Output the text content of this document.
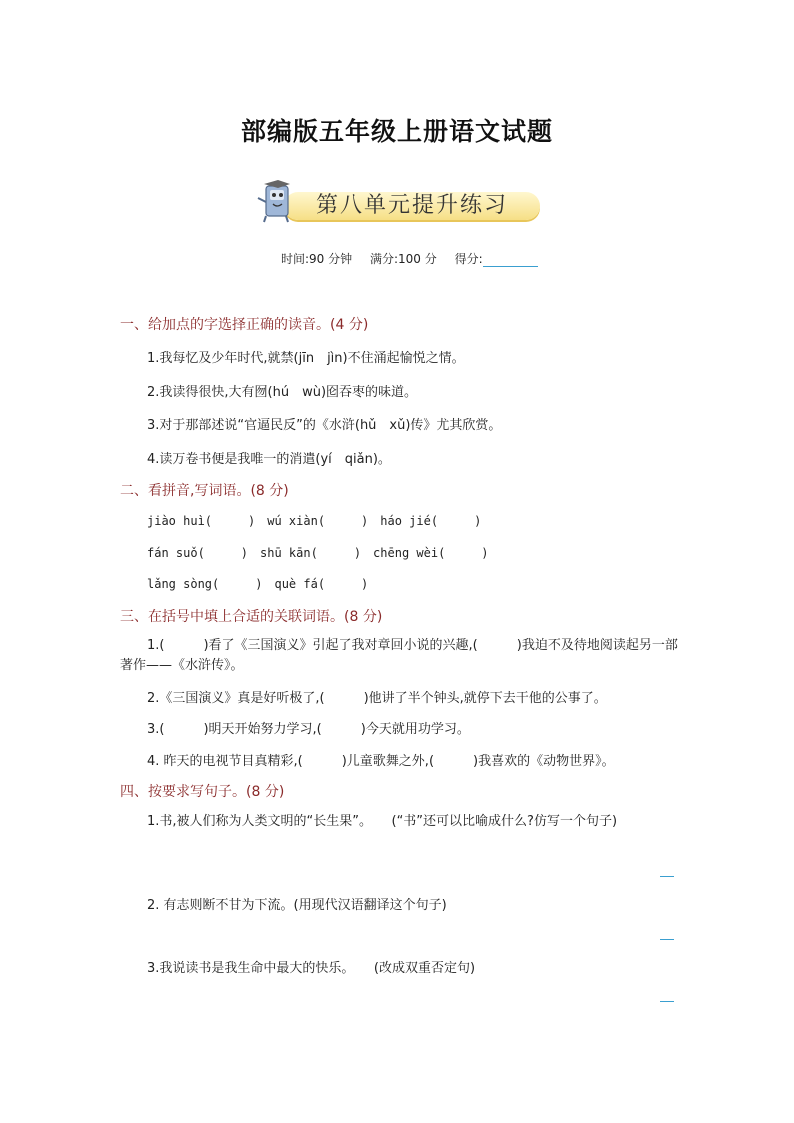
部编版五年级上册语文试题
第八单元提升练习
时间:90 分钟 满分:100 分 得分:
一、给加点的字选择正确的读音。(4 分)
1.我每忆及少年时代,就禁(jīn　jìn)不住涌起愉悦之情。
2.我读得很快,大有囫(hú　wù)囵吞枣的味道。
3.对于那部述说“官逼民反”的《水浒(hǔ　xǔ)传》尤其欣赏。
4.读万卷书便是我唯一的消遣(yí　qiǎn)。
二、看拼音,写词语。(8 分)
jiào huì(　　　)　wú xiàn(　　　)　háo jié(　　　)
fán suǒ(　　　)　shū kān(　　　)　chēng wèi(　　　)
lǎng sòng(　　　)　què fá(　　　)
三、在括号中填上合适的关联词语。(8 分)
1.(　　　)看了《三国演义》引起了我对章回小说的兴趣,(　　　)我迫不及待地阅读起另一部著作——《水浒传》。
2.《三国演义》真是好听极了,(　　　)他讲了半个钟头,就停下去干他的公事了。
3.(　　　)明天开始努力学习,(　　　)今天就用功学习。
4. 昨天的电视节目真精彩,(　　　)儿童歌舞之外,(　　　)我喜欢的《动物世界》。
四、按要求写句子。(8 分)
1.书,被人们称为人类文明的“长生果”。　　(“书”还可以比喻成什么?仿写一个句子)
2. 有志则断不甘为下流。(用现代汉语翻译这个句子)
3.我说读书是我生命中最大的快乐。　　(改成双重否定句)
